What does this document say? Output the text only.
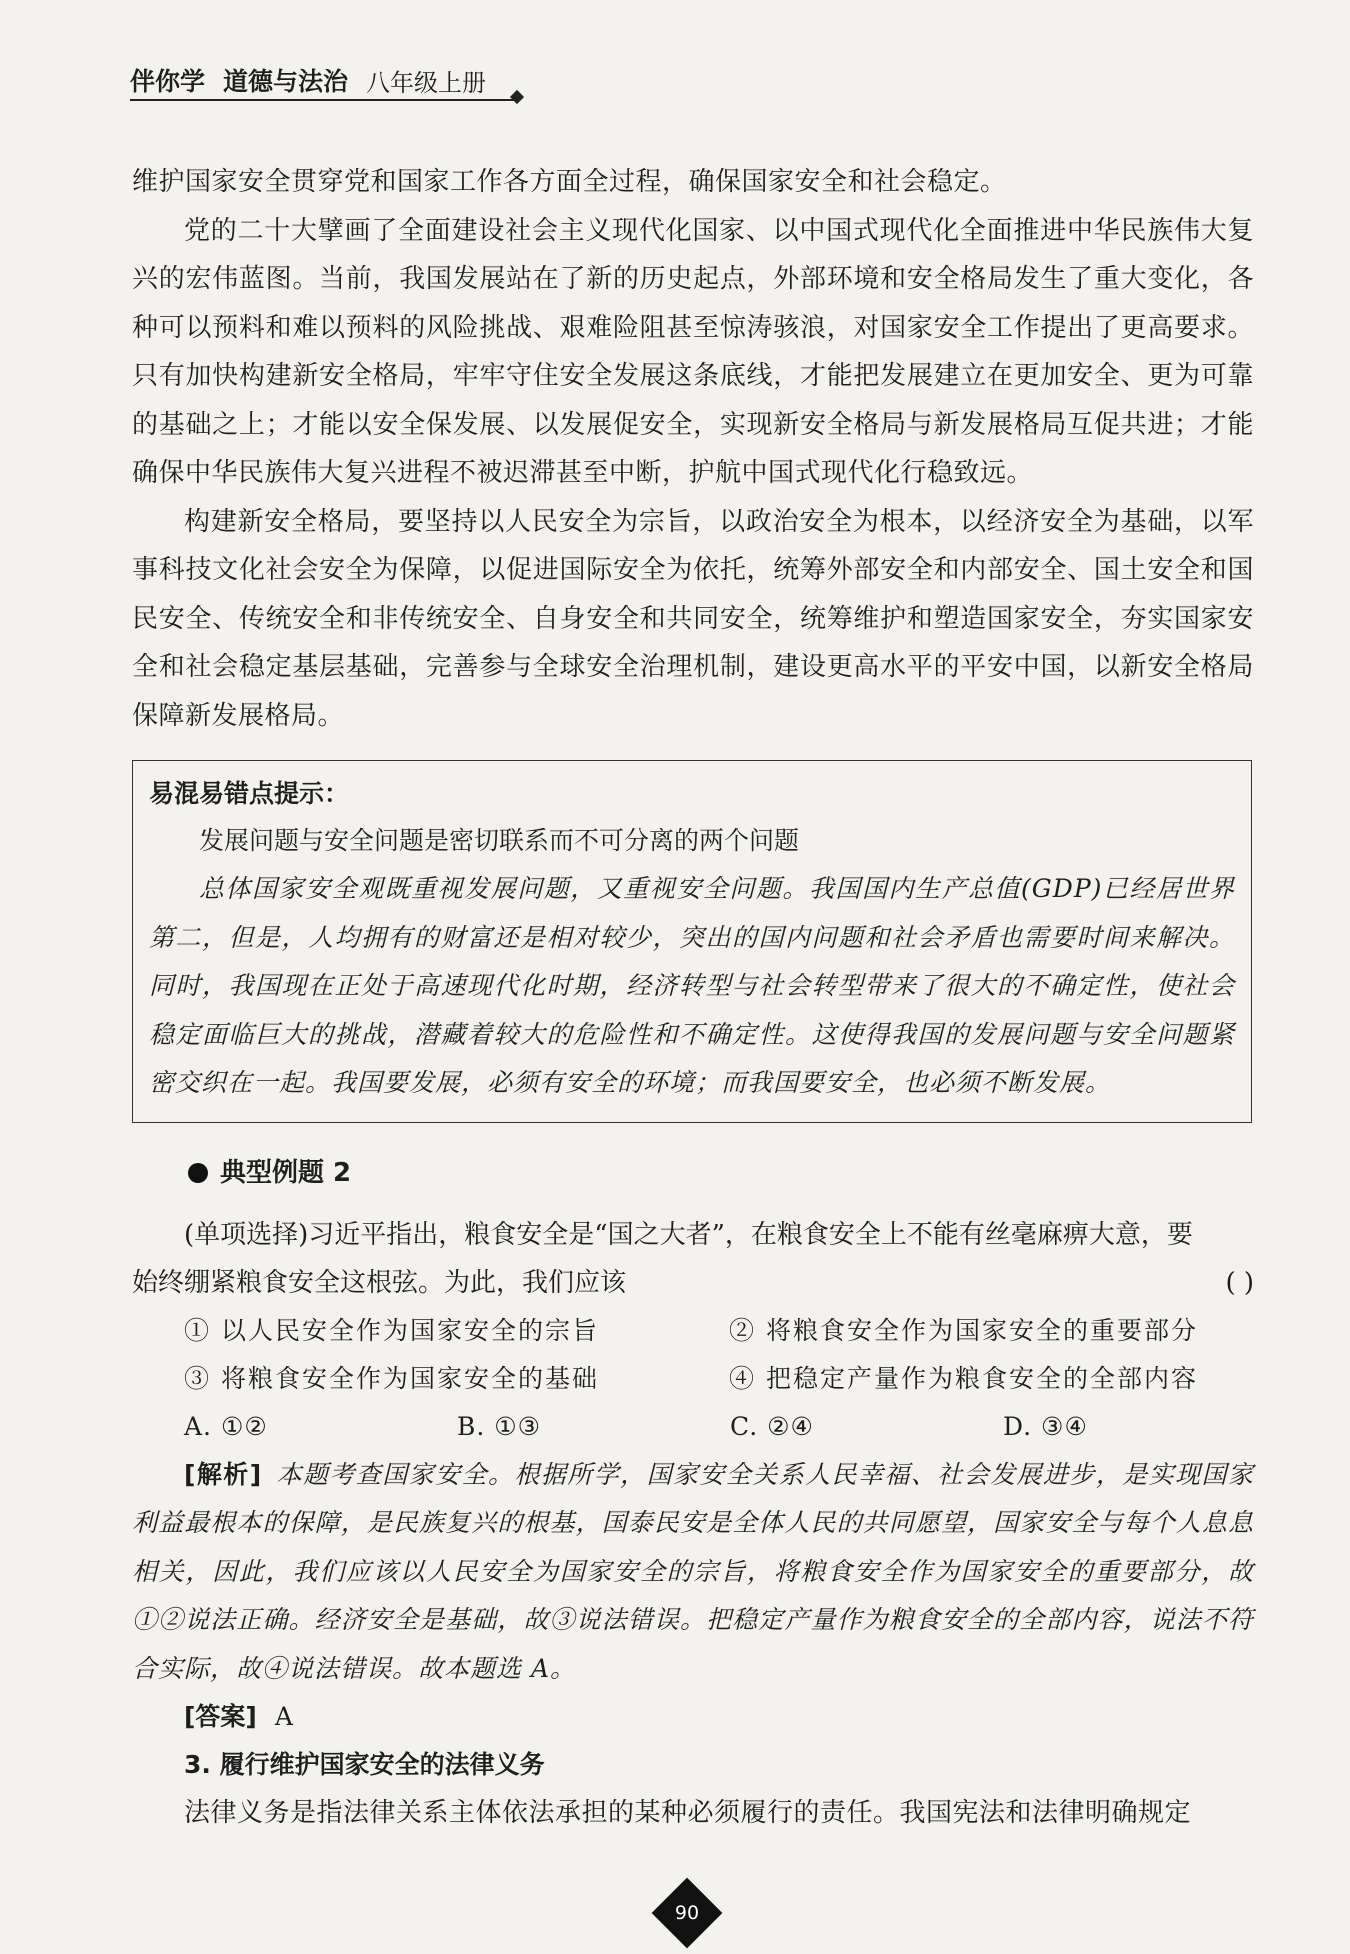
伴你学 道德与法治 八年级上册

维护国家安全贯穿党和国家工作各方面全过程，确保国家安全和社会稳定。

党的二十大擘画了全面建设社会主义现代化国家、以中国式现代化全面推进中华民族伟大复兴的宏伟蓝图。当前，我国发展站在了新的历史起点，外部环境和安全格局发生了重大变化，各种可以预料和难以预料的风险挑战、艰难险阻甚至惊涛骇浪，对国家安全工作提出了更高要求。只有加快构建新安全格局，牢牢守住安全发展这条底线，才能把发展建立在更加安全、更为可靠的基础之上；才能以安全保发展、以发展促安全，实现新安全格局与新发展格局互促共进；才能确保中华民族伟大复兴进程不被迟滞甚至中断，护航中国式现代化行稳致远。

构建新安全格局，要坚持以人民安全为宗旨，以政治安全为根本，以经济安全为基础，以军事科技文化社会安全为保障，以促进国际安全为依托，统筹外部安全和内部安全、国土安全和国民安全、传统安全和非传统安全、自身安全和共同安全，统筹维护和塑造国家安全，夯实国家安全和社会稳定基层基础，完善参与全球安全治理机制，建设更高水平的平安中国，以新安全格局保障新发展格局。

易混易错点提示：
发展问题与安全问题是密切联系而不可分离的两个问题
总体国家安全观既重视发展问题，又重视安全问题。我国国内生产总值(GDP)已经居世界第二，但是，人均拥有的财富还是相对较少，突出的国内问题和社会矛盾也需要时间来解决。同时，我国现在正处于高速现代化时期，经济转型与社会转型带来了很大的不确定性，使社会稳定面临巨大的挑战，潜藏着较大的危险性和不确定性。这使得我国的发展问题与安全问题紧密交织在一起。我国要发展，必须有安全的环境；而我国要安全，也必须不断发展。
典型例题 2
(单项选择)习近平指出，粮食安全是“国之大者”，在粮食安全上不能有丝毫麻痹大意，要
始终绷紧粮食安全这根弦。为此，我们应该	( )
① 以人民安全作为国家安全的宗旨	② 将粮食安全作为国家安全的重要部分
③ 将粮食安全作为国家安全的基础	④ 把稳定产量作为粮食安全的全部内容
A. ①②	B. ①③	C. ②④	D. ③④
[解析] 本题考查国家安全。根据所学，国家安全关系人民幸福、社会发展进步，是实现国家利益最根本的保障，是民族复兴的根基，国泰民安是全体人民的共同愿望，国家安全与每个人息息相关，因此，我们应该以人民安全为国家安全的宗旨，将粮食安全作为国家安全的重要部分，故①②说法正确。经济安全是基础，故③说法错误。把稳定产量作为粮食安全的全部内容，说法不符合实际，故④说法错误。故本题选 A。
[答案] A
3. 履行维护国家安全的法律义务

法律义务是指法律关系主体依法承担的某种必须履行的责任。我国宪法和法律明确规定

90
